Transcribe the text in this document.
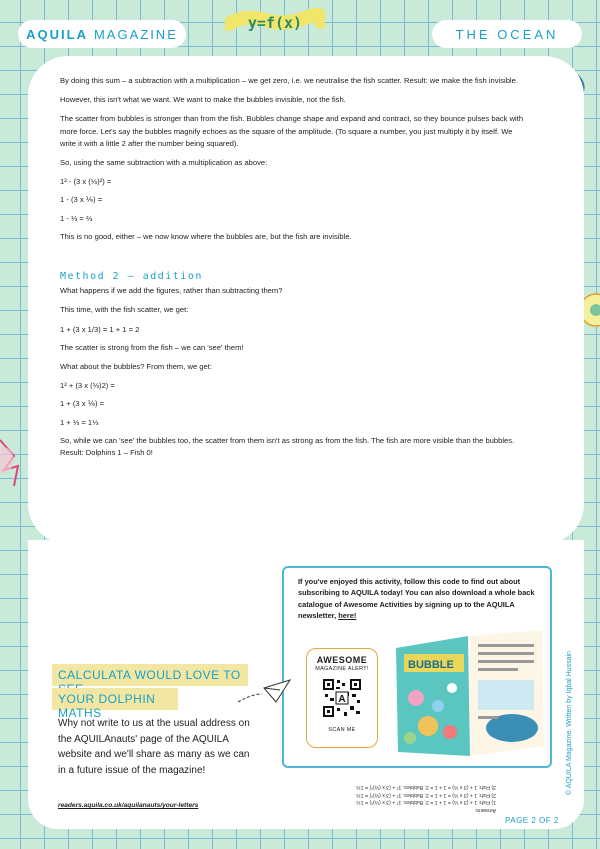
AQUILA MAGAZINE	THE OCEAN
y=f(x)

By doing this sum – a subtraction with a multiplication – we get zero, i.e. we neutralise the fish scatter. Result: we make the fish invisible.

However, this isn't what we want. We want to make the bubbles invisible, not the fish.

The scatter from bubbles is stronger than from the fish. Bubbles change shape and expand and contract, so they bounce pulses back with more force. Let's say the bubbles magnify echoes as the square of the amplitude. (To square a number, you just multiply it by itself. We write it with a little 2 after the number being squared).

So, using the same subtraction with a multiplication as above:

1² - (3 x (⅓)²) =

1 - (3 x ⅑) =

1 - ⅓ = ⅔

This is no good, either – we now know where the bubbles are, but the fish are invisible.

Method 2 – addition

What happens if we add the figures, rather than subtracting them?

This time, with the fish scatter, we get:

1 + (3 x 1/3) = 1 + 1 = 2

The scatter is strong from the fish – we can 'see' them!

What about the bubbles? From them, we get:

1² + (3 x (⅓)2) =

1 + (3 x ⅑) =

1 + ⅓ = 1⅓

So, while we can 'see' the bubbles too, the scatter from them isn't as strong as from the fish. The fish are more visible than the bubbles. Result: Dolphins 1 – Fish 0!

If you've enjoyed this activity, follow this code to find out about subscribing to AQUILA today! You can also download a whole back catalogue of Awesome Activities by signing up to the AQUILA newsletter, here!
AWESOME
MAGAZINE ALERT!
A
SCAN ME
BUBBLE
CALCULATA WOULD LOVE TO
YOUR DOLPHIN MATHS
Why not write to us at the usual address on the AQUILAnauts' page of the AQUILA website and we'll share as many as we can in a future issue of the magazine!
readers.aquila.co.uk/aquilanauts/your-letters
Answers:
1) Fish: 1 + (3 x ⅓) = 1 + 1 = 2; Bubbles: 1² + (3 x (⅓)²) = 1⅓
2) Fish: 1 + (3 x ⅓) = 1 + 1 = 2; Bubbles: 1² + (3 x (⅓)²) = 1⅓
3) Fish: 1 + (3 x ⅓) = 1 + 1 = 2; Bubbles: 1² + (3 x (⅓)²) = 1⅓
PAGE 2 OF 2
© AQUILA Magazine. Written by Iqbal Hussain
